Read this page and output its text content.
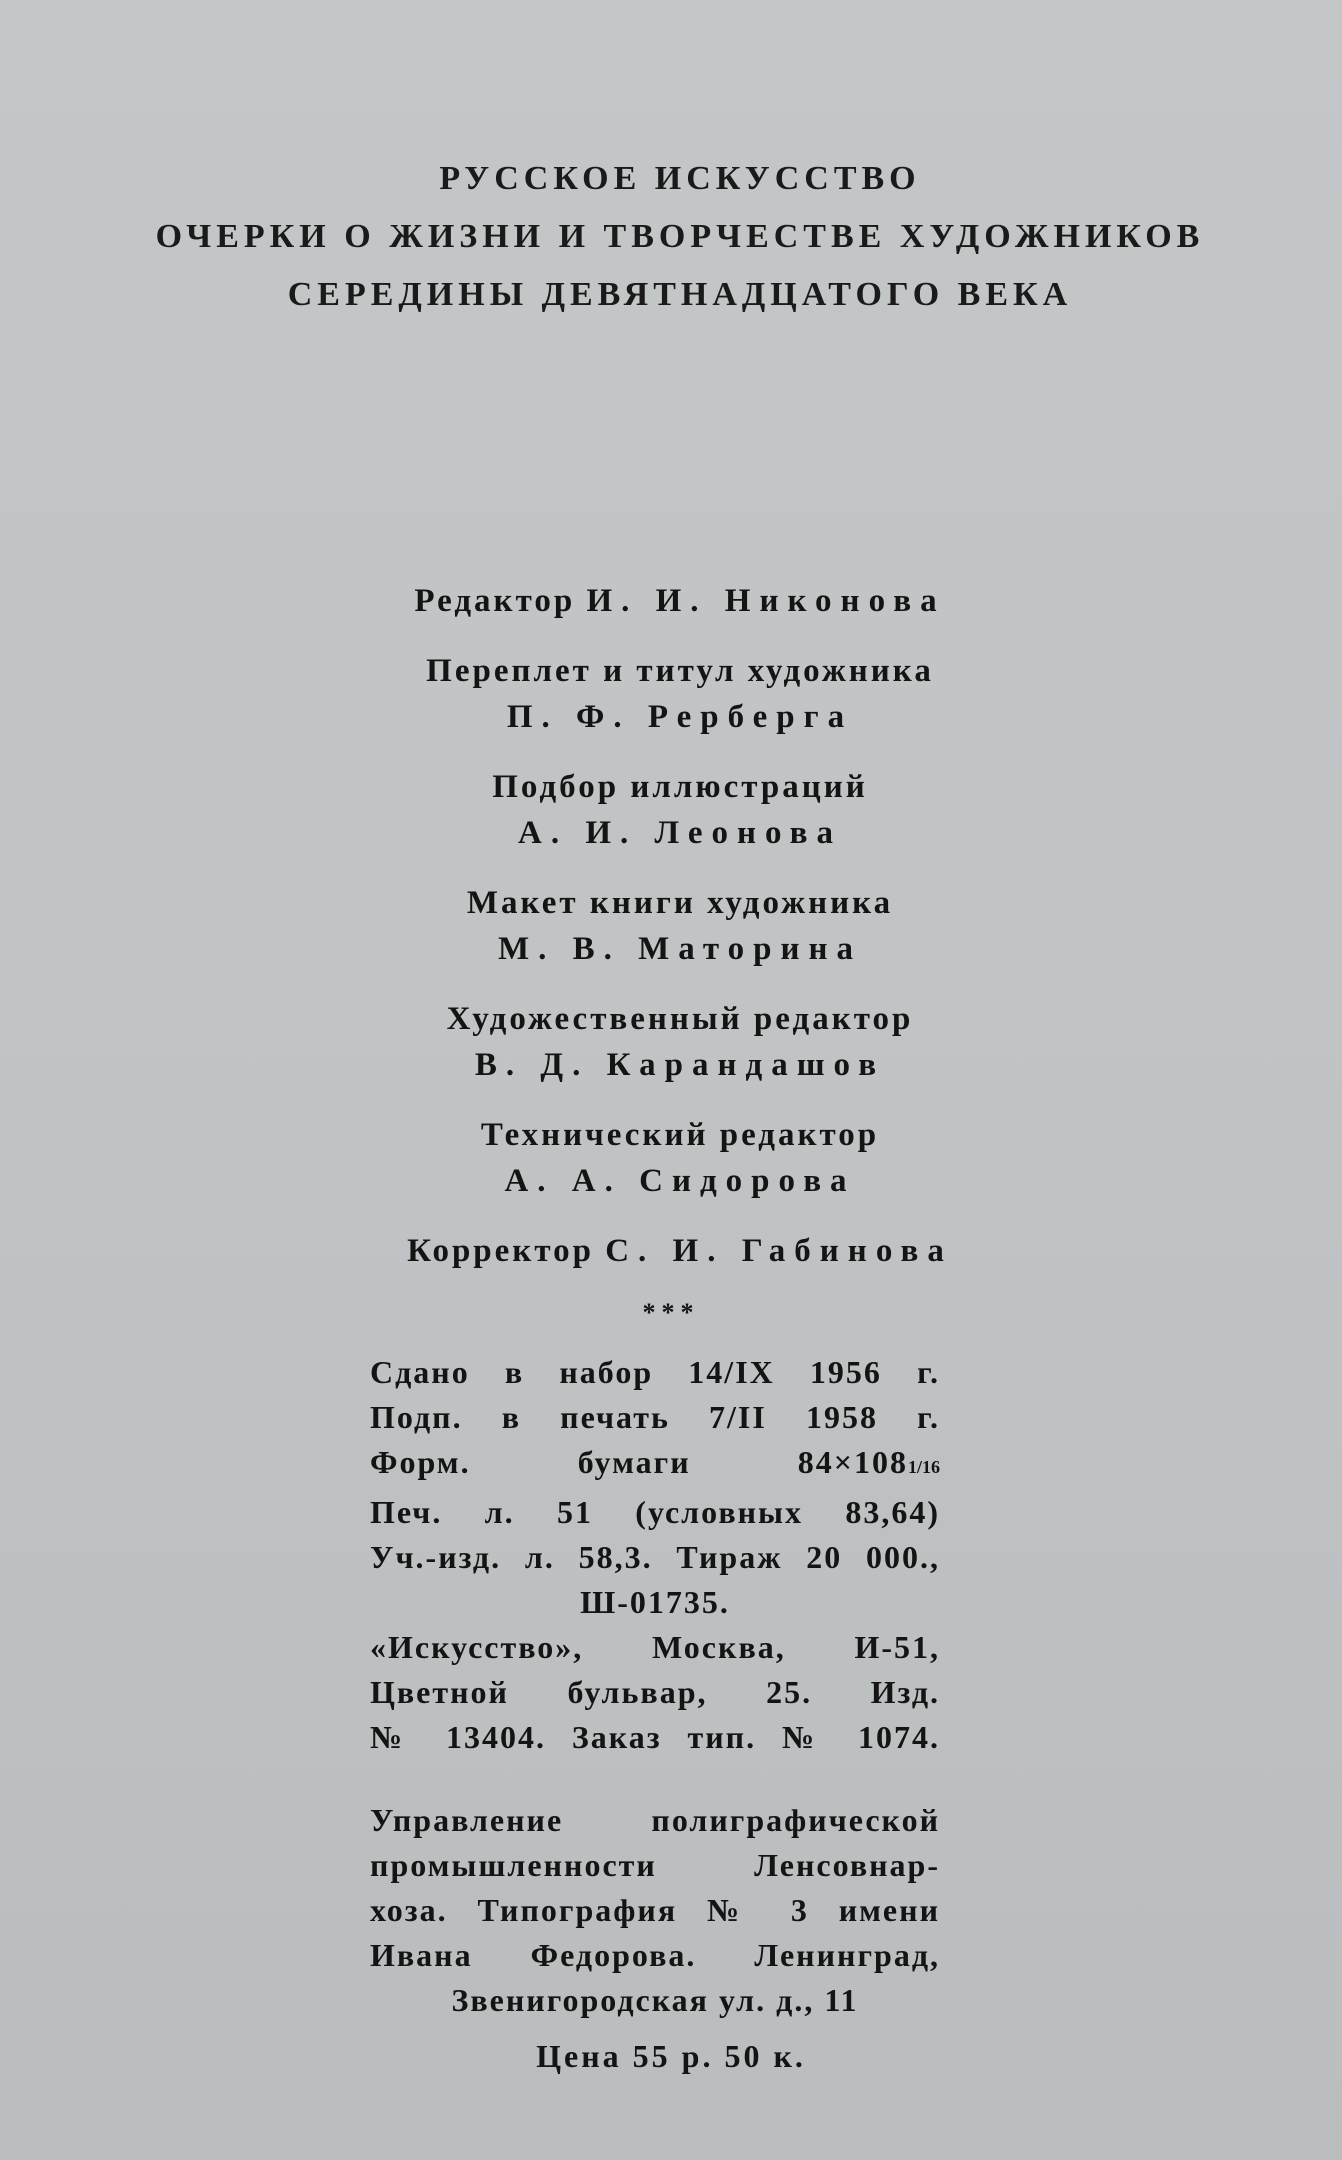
РУССКОЕ ИСКУССТВО
ОЧЕРКИ О ЖИЗНИ И ТВОРЧЕСТВЕ ХУДОЖНИКОВ
СЕРЕДИНЫ ДЕВЯТНАДЦАТОГО ВЕКА
Редактор И. И. Никонова
Переплет и титул художника
П. Ф. Рерберга
Подбор иллюстраций
А. И. Леонова
Макет книги художника
М. В. Маторина
Художественный редактор
В. Д. Карандашов
Технический редактор
А. А. Сидорова
Корректор С. И. Габинова
***
Сдано в набор 14/IX 1956 г.
Подп. в печать 7/II 1958 г.
Форм. бумаги 84×1081/16
Печ. л. 51 (условных 83,64)
Уч.-изд. л. 58,3. Тираж 20 000.,
Ш-01735.
«Искусство», Москва, И-51,
Цветной бульвар, 25. Изд.
№ 13404. Заказ тип. № 1074.
Управление полиграфической
промышленности Ленсовнар-
хоза. Типография № 3 имени
Ивана Федорова. Ленинград,
Звенигородская ул. д., 11
Цена 55 р. 50 к.
